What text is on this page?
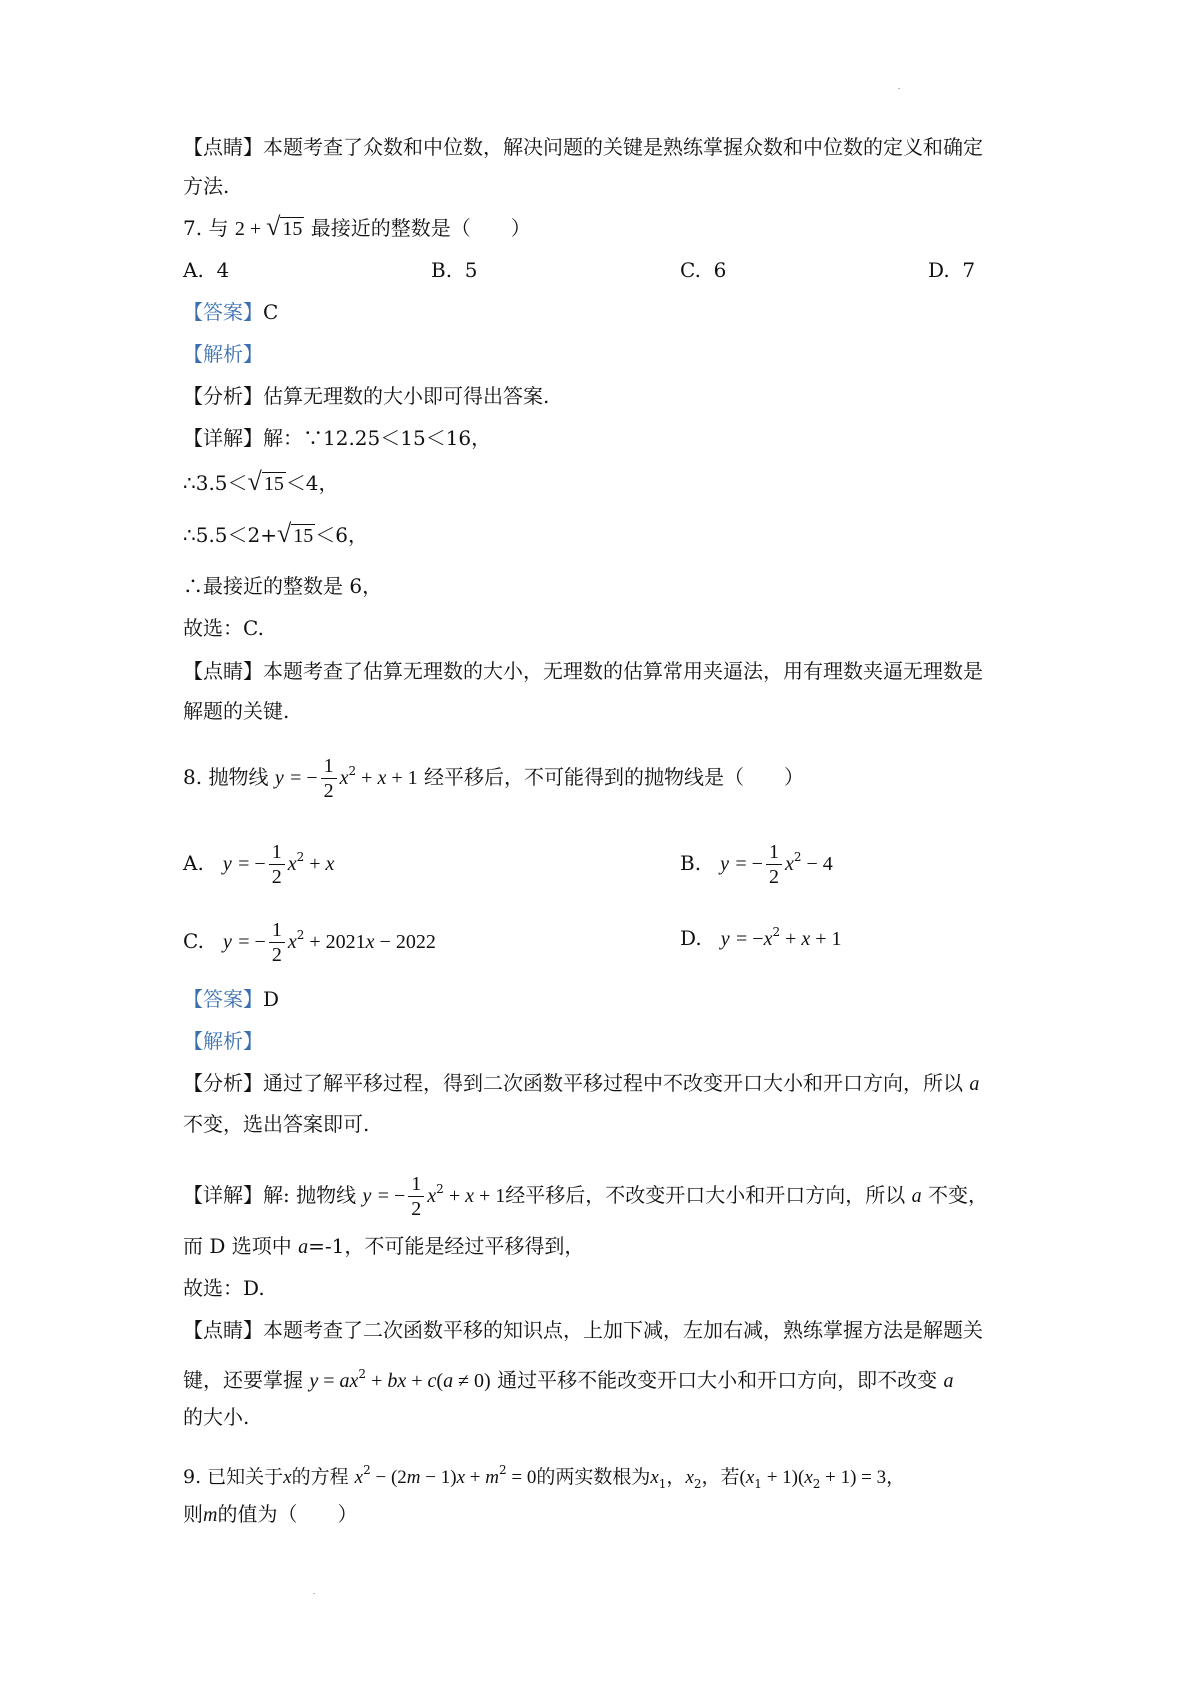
【点睛】本题考查了众数和中位数，解决问题的关键是熟练掌握众数和中位数的定义和确定
方法.
7. 与 2 + √ 15 最接近的整数是（　　）
A. 4	B. 5	C. 6	D. 7
【答案】C
【解析】
【分析】估算无理数的大小即可得出答案.
【详解】解：∵12.25＜15＜16，
∴3.5＜√ 15 ＜4，
∴5.5＜2+√ 15 ＜6，
∴最接近的整数是 6，
故选：C.
【点睛】本题考查了估算无理数的大小，无理数的估算常用夹逼法，用有理数夹逼无理数是
解题的关键.
8. 抛物线 y = − $\frac{1}{2} x^2 + x + 1$ 经平移后，不可能得到的抛物线是（　　）
A. y = − $\frac{1}{2} x^2 + x$	B. y = − $\frac{1}{2} x^2 - 4$
C. y = − $\frac{1}{2} x^2 + 2021x - 2022$	D. $y = -x^2 + x + 1$
【答案】D
【解析】
【分析】通过了解平移过程，得到二次函数平移过程中不改变开口大小和开口方向，所以 a
不变，选出答案即可.
【详解】解: 抛物线 y = − $\frac{1}{2} x^2 + x + 1$经平移后，不改变开口大小和开口方向，所以 a 不变，
而 D 选项中 a=-1，不可能是经过平移得到，
故选：D.
【点睛】本题考查了二次函数平移的知识点，上加下减，左加右减，熟练掌握方法是解题关
键，还要掌握 $y = ax^2$ + bx + c(a ≠ 0) 通过平移不能改变开口大小和开口方向，即不改变 a
的大小.
9. 已知关于x的方程 $x^2 - (2m - 1)x + m^2 = 0$的两实数根为$x_1$，$x_2$，若$(x_1 + 1)(x_2 + 1) = 3$，
则m的值为（　　）
